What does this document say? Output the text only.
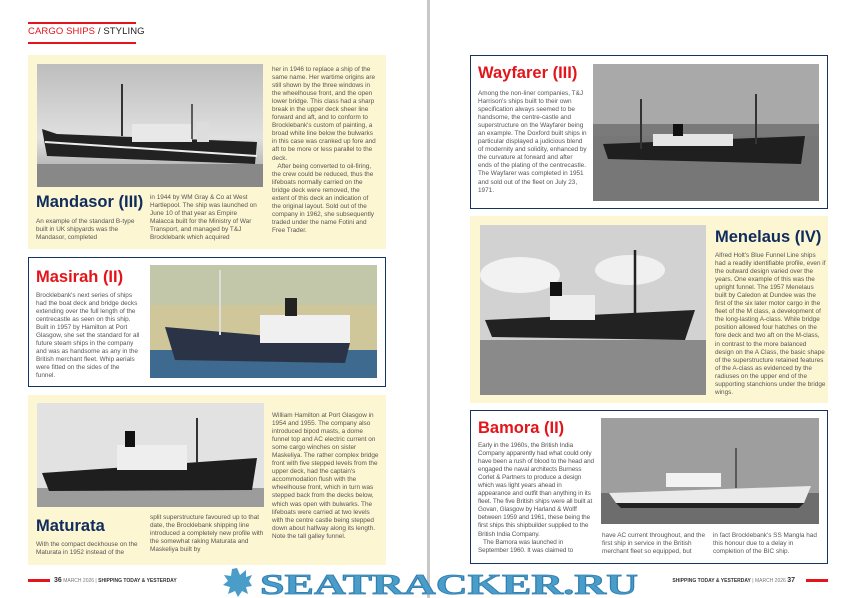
CARGO SHIPS / STYLING
Mandasor (III)
An example of the standard B-type built in UK shipyards was the Mandasor, completed
in 1944 by WM Gray & Co at West Hartlepool. The ship was launched on June 10 of that year as Empire Malacca built for the Ministry of War Transport, and managed by T&J Brocklebank which acquired
her in 1946 to replace a ship of the same name. Her wartime origins are still shown by the three windows in the wheelhouse front, and the open lower bridge. This class had a sharp break in the upper deck sheer line forward and aft, and to conform to Brocklebank's custom of painting, a broad white line below the bulwarks in this case was cranked up fore and aft to be more or less parallel to the deck.
After being converted to oil-firing, the crew could be reduced, thus the lifeboats normally carried on the bridge deck were removed, the extent of this deck an indication of the original layout. Sold out of the company in 1962, she subsequently traded under the name Fotini and Free Trader.
Masirah (II)
Brocklebank's next series of ships had the boat deck and bridge decks extending over the full length of the centrecastle as seen on this ship. Built in 1957 by Hamilton at Port Glasgow, she set the standard for all future steam ships in the company and was as handsome as any in the British merchant fleet. Whip aerials were fitted on the sides of the funnel.
Maturata
With the compact deckhouse on the Maturata in 1952 instead of the
split superstructure favoured up to that date, the Brocklebank shipping line introduced a completely new profile with the somewhat raking Maturata and Maskeliya built by
William Hamilton at Port Glasgow in 1954 and 1955. The company also introduced bipod masts, a dome funnel top and AC electric current on some cargo winches on sister Maskeliya. The rather complex bridge front with five stepped levels from the upper deck, had the captain's accommodation flush with the wheelhouse front, which in turn was stepped back from the decks below, which was open with bulwarks. The lifeboats were carried at two levels with the centre castle being stepped down about halfway along its length. Note the tall galley funnel.
36 MARCH 2026 | SHIPPING TODAY & YESTERDAY
Wayfarer (III)
Among the non-liner companies, T&J Harrison's ships built to their own specification always seemed to be handsome, the centre-castle and superstructure on the Wayfarer being an example. The Doxford built ships in particular displayed a judicious blend of modernity and solidity, enhanced by the curvature at forward and after ends of the plating of the centrecastle. The Wayfarer was completed in 1951 and sold out of the fleet on July 23, 1971.
Menelaus (IV)
Alfred Holt's Blue Funnel Line ships had a readily identifiable profile, even if the outward design varied over the years. One example of this was the upright funnel. The 1957 Menelaus built by Caledon at Dundee was the first of the six later motor cargo in the fleet of the M class, a development of the long-lasting A-class. While bridge position allowed four hatches on the fore deck and two aft on the M-class, in contrast to the more balanced design on the A Class, the basic shape of the superstructure retained features of the A-class as evidenced by the radiuses on the upper end of the supporting stanchions under the bridge wings.
Bamora (II)
Early in the 1960s, the British India Company apparently had what could only have been a rush of blood to the head and engaged the naval architects Burness Corlet & Partners to produce a design which was light years ahead in appearance and outfit than anything in its fleet. The five British ships were all built at Govan, Glasgow by Harland & Wolff between 1959 and 1961, these being the first ships this shipbuilder supplied to the British India Company.
The Bamora was launched in September 1960. It was claimed to
have AC current throughout, and the first ship in service in the British merchant fleet so equipped, but
in fact Brocklebank's SS Mangla had this honour due to a delay in completion of the BIC ship.
SHIPPING TODAY & YESTERDAY | MARCH 2026 37
SEATRACKER.RU
